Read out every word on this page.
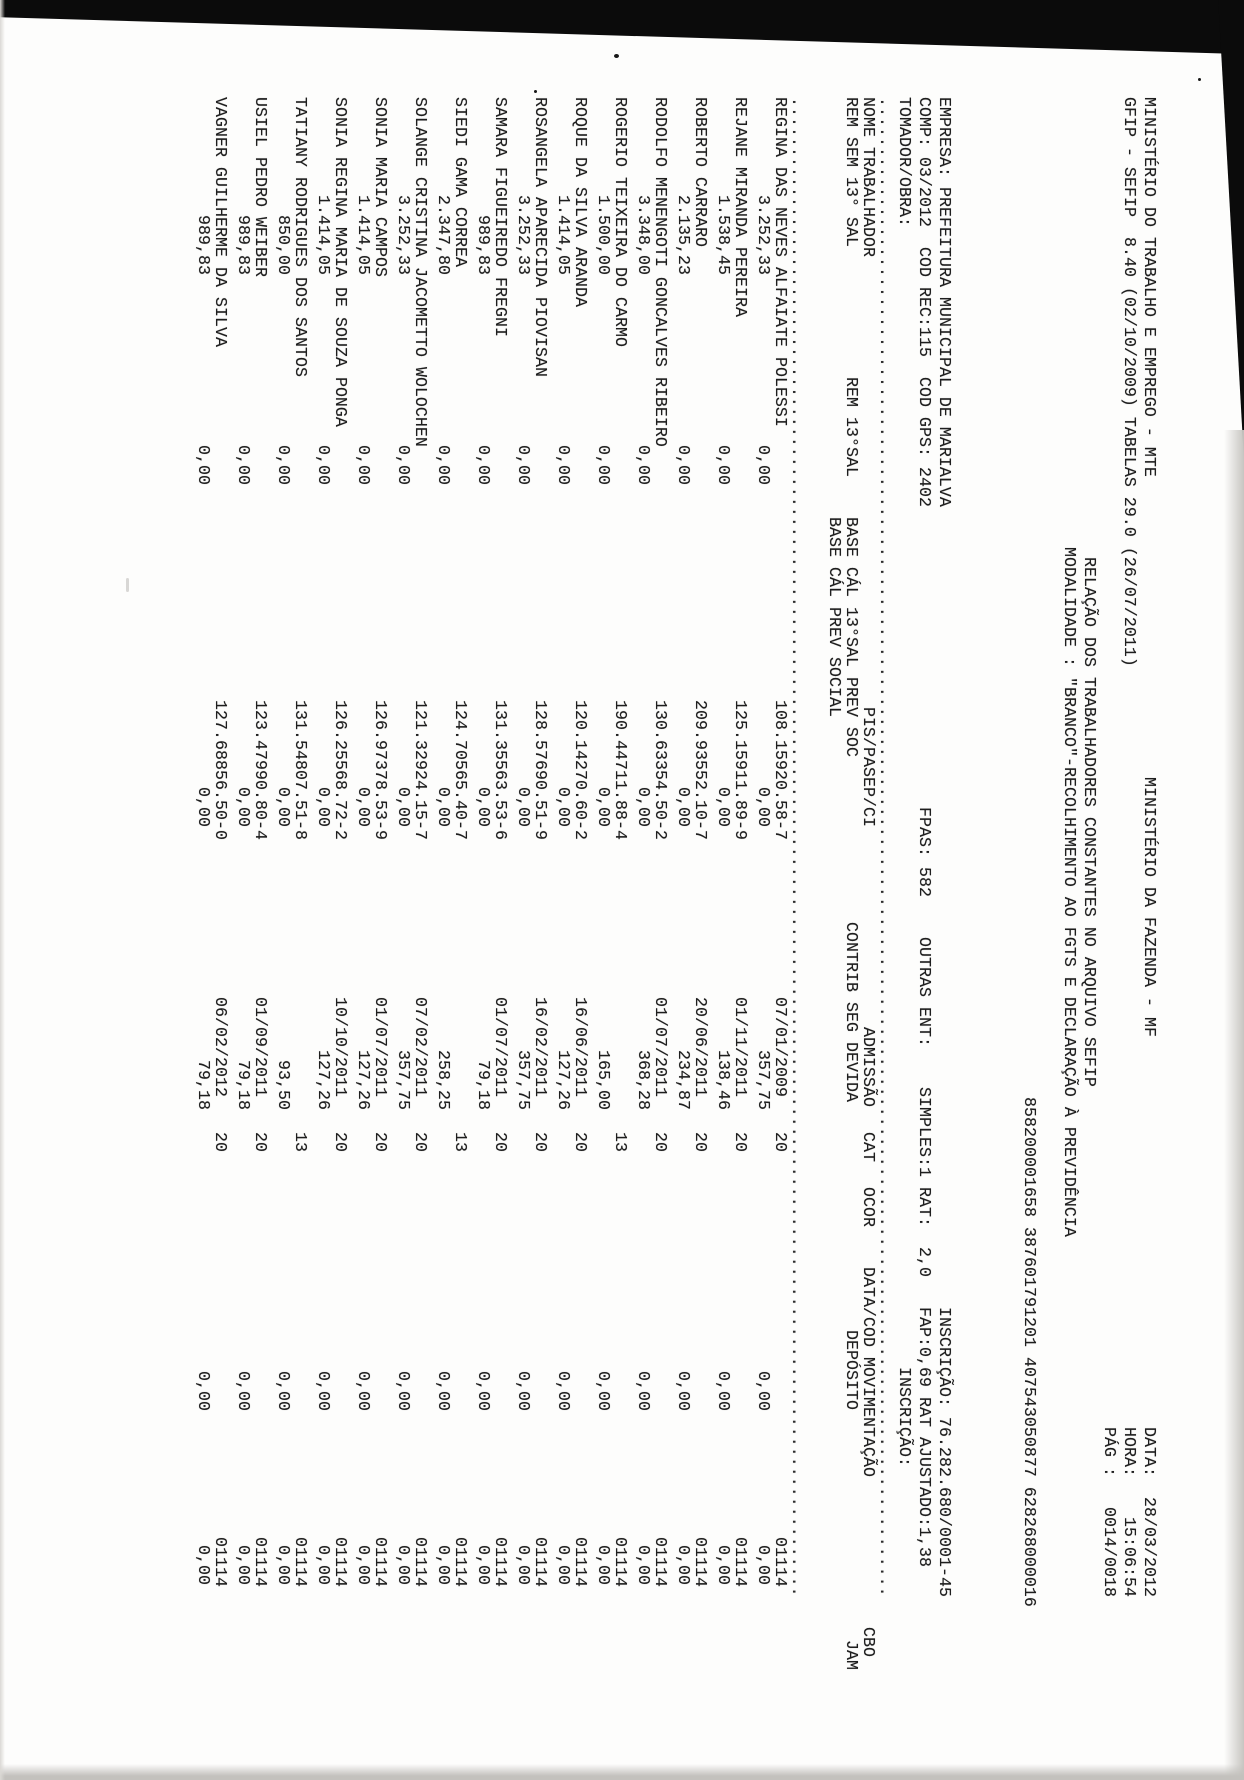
MINISTÉRIO DO TRABALHO E EMPREGO - MTE

MINISTÉRIO DA FAZENDA - MF

DATA:

28/03/2012

GFIP - SEFIP  8.40 (02/10/2009) TABELAS 29.0 (26/07/2011)

HORA:

15:06:54

PÁG :

0014/0018

RELAÇÃO DOS TRABALHADORES CONSTANTES NO ARQUIVO SEFIP

MODALIDADE : "BRANCO"-RECOLHIMENTO AO FGTS E DECLARAÇÃO À PREVIDÊNCIA

858200001658 387601791201 407543050877 628268000016

EMPRESA: PREFEITURA MUNICIPAL DE MARIALVA

INSCRIÇÃO: 76.282.680/0001-45

COMP: 03/2012

COD REC:115

COD GPS: 2402

FPAS: 582

OUTRAS ENT:

SIMPLES:1

RAT:  2,0

FAP:0,69

RAT AJUSTADO:1,38

TOMADOR/OBRA:

INSCRIÇÃO:

......................................................................................................................................................

NOME TRABALHADOR

PIS/PASEP/CI

ADMISSÃO

CAT

OCOR

DATA/COD MOVIMENTAÇÃO

CBO

REM SEM 13° SAL

REM 13°SAL

BASE CÁL 13°SAL PREV SOC

CONTRIB SEG DEVIDA

DEPÓSITO

JAM

BASE CÁL PREV SOCIAL

......................................................................................................................................................

REGINA DAS NEVES ALFAIATE POLESSI
108.15920.58-7
07/01/2009
20
01114
3.252,33
0,00
0,00
357,75
0,00
0,00
REJANE MIRANDA PEREIRA
125.15911.89-9
01/11/2011
20
01114
1.538,45
0,00
0,00
138,46
0,00
0,00
ROBERTO CARRARO
209.93552.10-7
20/06/2011
20
01114
2.135,23
0,00
0,00
234,87
0,00
0,00
RODOLFO MENENGOTI GONCALVES RIBEIRO
130.63354.50-2
01/07/2011
20
01114
3.348,00
0,00
0,00
368,28
0,00
0,00
ROGERIO TEIXEIRA DO CARMO
190.44711.88-4
13
01114
1.500,00
0,00
0,00
165,00
0,00
0,00
ROQUE DA SILVA ARANDA
120.14270.60-2
16/06/2011
20
01114
1.414,05
0,00
0,00
127,26
0,00
0,00
ROSANGELA APARECIDA PIOVISAN
128.57690.51-9
16/02/2011
20
01114
3.252,33
0,00
0,00
357,75
0,00
0,00
SAMARA FIGUEIREDO FREGNI
131.35563.53-6
01/07/2011
20
01114
989,83
0,00
0,00
79,18
0,00
0,00
SIEDI GAMA CORREA
124.70565.40-7
13
01114
2.347,80
0,00
0,00
258,25
0,00
0,00
SOLANGE CRISTINA JACOMETTO WOLOCHEN
121.32924.15-7
07/02/2011
20
01114
3.252,33
0,00
0,00
357,75
0,00
0,00
SONIA MARIA CAMPOS
126.97378.53-9
01/07/2011
20
01114
1.414,05
0,00
0,00
127,26
0,00
0,00
SONIA REGINA MARIA DE SOUZA PONGA
126.25568.72-2
10/10/2011
20
01114
1.414,05
0,00
0,00
127,26
0,00
0,00
TATIANY RODRIGUES DOS SANTOS
131.54807.51-8
13
01114
850,00
0,00
0,00
93,50
0,00
0,00
USIEL PEDRO WEIBER
123.47990.80-4
01/09/2011
20
01114
989,83
0,00
0,00
79,18
0,00
0,00
VAGNER GUILHERME DA SILVA
127.68856.50-0
06/02/2012
20
01114
989,83
0,00
0,00
79,18
0,00
0,00
